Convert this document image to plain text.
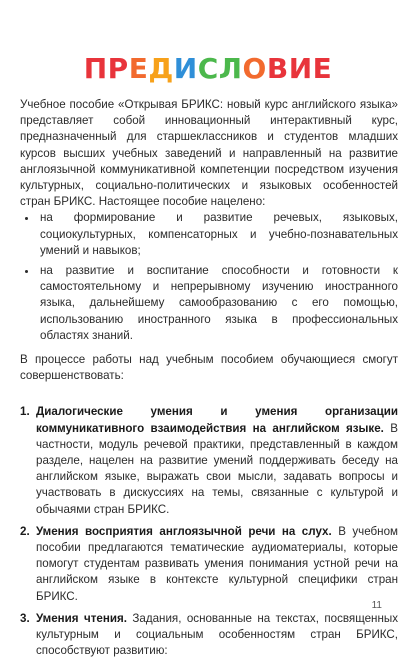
ПРЕДИСЛОВИЕ

Учебное пособие «Открывая БРИКС: новый курс английского языка» представляет собой инновационный интерактивный курс, предназначенный для старшеклассников и студентов младших курсов высших учебных заведений и направленный на развитие англоязычной коммуникативной компетенции посредством изучения культурных, социально-политических и языковых особенностей стран БРИКС. Настоящее пособие нацелено:

• на формирование и развитие речевых, языковых, социокультурных, компенсаторных и учебно-познавательных умений и навыков;
• на развитие и воспитание способности и готовности к самостоятельному и непрерывному изучению иностранного языка, дальнейшему самообразованию с его помощью, использованию иностранного языка в профессиональных областях знаний.

В процессе работы над учебным пособием обучающиеся смогут совершенствовать:

1. Диалогические умения и умения организации коммуникативного взаимодействия на английском языке. В частности, модуль речевой практики, представленный в каждом разделе, нацелен на развитие умений поддерживать беседу на английском языке, выражать свои мысли, задавать вопросы и участвовать в дискуссиях на темы, связанные с культурой и обычаями стран БРИКС.
2. Умения восприятия англоязычной речи на слух. В учебном пособии предлагаются тематические аудиоматериалы, которые помогут студентам развивать умения понимания устной речи на английском языке в контексте культурной специфики стран БРИКС.
3. Умения чтения. Задания, основанные на текстах, посвященных культурным и социальным особенностям стран БРИКС, способствуют развитию:
11
